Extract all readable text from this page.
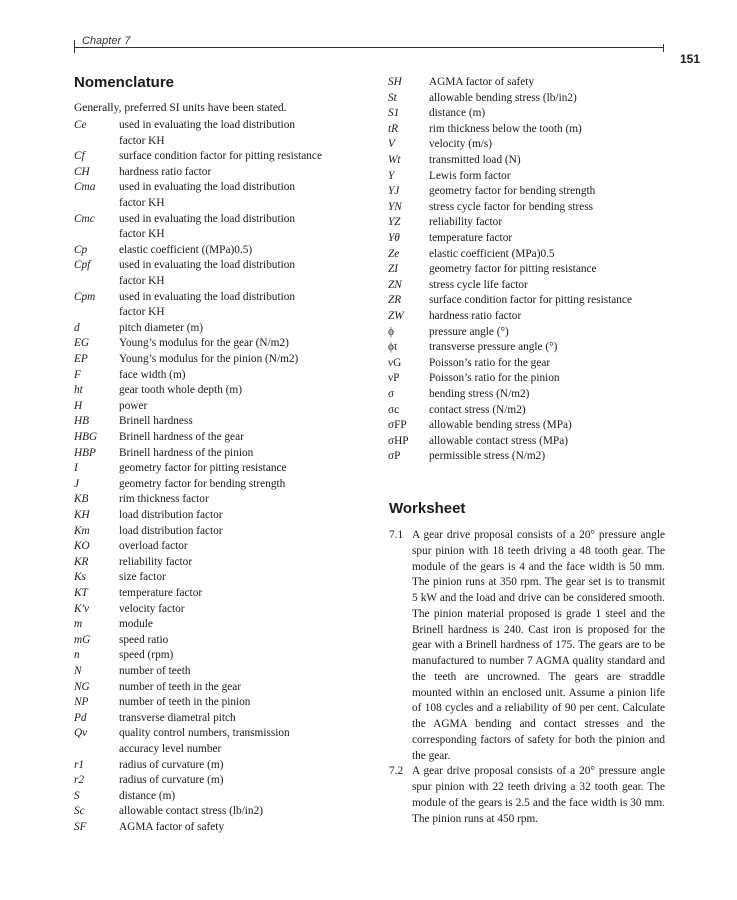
Chapter 7
151
Nomenclature
Generally, preferred SI units have been stated.
Ce	used in evaluating the load distribution
factor KH
Cf	surface condition factor for pitting resistance
CH	hardness ratio factor
Cma used in evaluating the load distribution
factor KH
Cmc used in evaluating the load distribution
factor KH
Cp	elastic coefficient ((MPa)0.5)
Cpf	used in evaluating the load distribution
factor KH
Cpm used in evaluating the load distribution
factor KH
d	pitch diameter (m)
EG	Young’s modulus for the gear (N/m2)
EP	Young’s modulus for the pinion (N/m2)
F	face width (m)
ht	gear tooth whole depth (m)
H	power
HB	Brinell hardness
HBG Brinell hardness of the gear
HBP Brinell hardness of the pinion
I	geometry factor for pitting resistance
J	geometry factor for bending strength
KB	rim thickness factor
KH	load distribution factor
Km	load distribution factor
KO	overload factor
KR	reliability factor
Ks	size factor
KT	temperature factor
K′v	velocity factor
m	module
mG	speed ratio
n	speed (rpm)
N	number of teeth
NG	number of teeth in the gear
NP	number of teeth in the pinion
Pd	transverse diametral pitch
Qv	quality control numbers, transmission
accuracy level number
r1	radius of curvature (m)
r2	radius of curvature (m)
S	distance (m)
Sc	allowable contact stress (lb/in2)
SF	AGMA factor of safety
SH AGMA factor of safety
St	allowable bending stress (lb/in2)
S1	distance (m)
tR	rim thickness below the tooth (m)
V	velocity (m/s)
Wt	transmitted load (N)
Y	Lewis form factor
YJ	geometry factor for bending strength
YN stress cycle factor for bending stress
YZ	reliability factor
Yθ	temperature factor
Ze	elastic coefficient (MPa)0.5
ZI	geometry factor for pitting resistance
ZN stress cycle life factor
ZR surface condition factor for pitting resistance
ZW hardness ratio factor
ϕ	pressure angle (°)
ϕt	transverse pressure angle (°)
νG Poisson’s ratio for the gear
νP	Poisson’s ratio for the pinion
σ	bending stress (N/m2)
σc	contact stress (N/m2)
σFP allowable bending stress (MPa)
σHP allowable contact stress (MPa)
σP	permissible stress (N/m2)
Worksheet
7.1 A gear drive proposal consists of a 20° pressure angle spur pinion with 18 teeth driving a 48 tooth gear. The module of the gears is 4 and the face width is 50 mm. The pinion runs at 350 rpm. The gear set is to transmit 5 kW and the load and drive can be considered smooth. The pinion material proposed is grade 1 steel and the Brinell hardness is 240. Cast iron is proposed for the gear with a Brinell hardness of 175. The gears are to be manufactured to number 7 AGMA quality standard and the teeth are uncrowned. The gears are straddle mounted within an enclosed unit. Assume a pinion life of 108 cycles and a reliability of 90 per cent. Calculate the AGMA bending and contact stresses and the corresponding factors of safety for both the pinion and the gear.
7.2 A gear drive proposal consists of a 20° pressure angle spur pinion with 22 teeth driving a 32 tooth gear. The module of the gears is 2.5 and the face width is 30 mm. The pinion runs at 450 rpm.
